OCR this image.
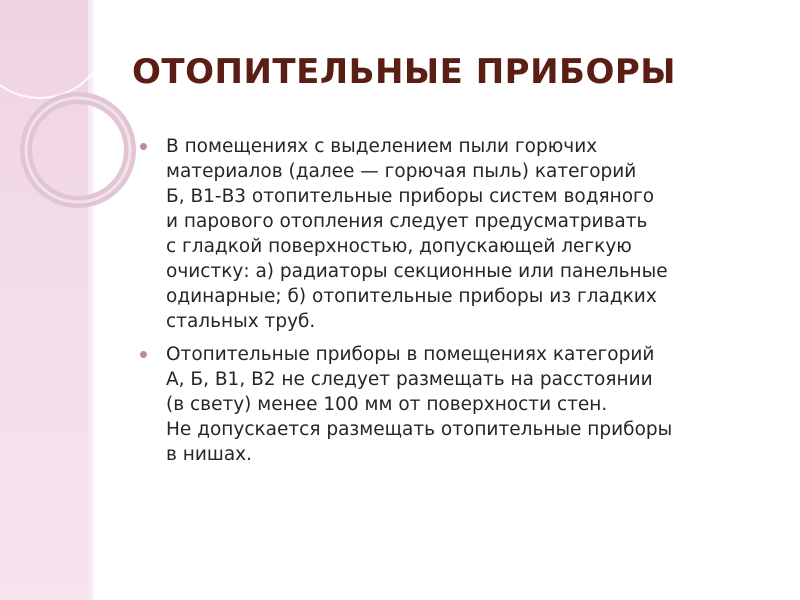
ОТОПИТЕЛЬНЫЕ ПРИБОРЫ
В помещениях с выделением пыли горючих
материалов (далее — горючая пыль) категорий
Б, В1-В3 отопительные приборы систем водяного
и парового отопления следует предусматривать
с гладкой поверхностью, допускающей легкую
очистку: а) радиаторы секционные или панельные
одинарные; б) отопительные приборы из гладких
стальных труб.
Отопительные приборы в помещениях категорий
А, Б, В1, В2 не следует размещать на расстоянии
(в свету) менее 100 мм от поверхности стен.
Не допускается размещать отопительные приборы
в нишах.
